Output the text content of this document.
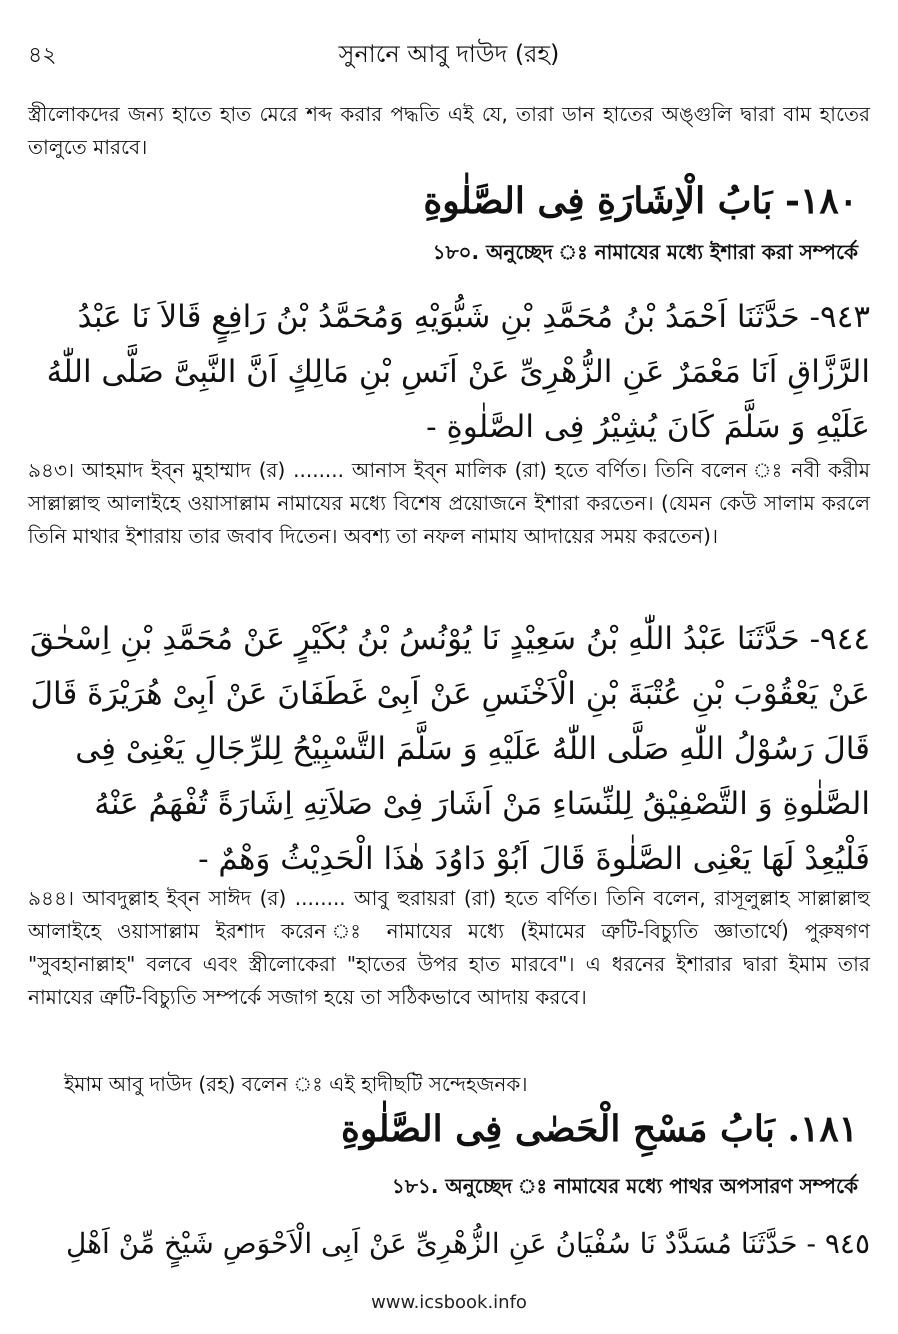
৪২	সুনানে আবু দাউদ (রহ)
স্ত্রীলোকদের জন্য হাতে হাত মেরে শব্দ করার পদ্ধতি এই যে, তারা ডান হাতের অঙ্গুলি দ্বারা বাম হাতের তালুতে মারবে।
١٨٠- بَابُ الْاِشَارَةِ فِى الصَّلٰوةِ
১৮০. অনুচ্ছেদ ঃ নামাযের মধ্যে ইশারা করা সম্পর্কে
٩٤٣- حَدَّثَنَا اَحْمَدُ بْنُ مُحَمَّدِ بْنِ شَبُّوَيْهِ وَمُحَمَّدُ بْنُ رَافِعٍ قَالاَ نَا عَبْدُ الرَّزَّاقِ اَنَا مَعْمَرٌ عَنِ الزُّهْرِىِّ عَنْ اَنَسِ بْنِ مَالِكٍ اَنَّ النَّبِىَّ صَلَّى اللّٰهُ عَلَيْهِ وَ سَلَّمَ كَانَ يُشِيْرُ فِى الصَّلٰوةِ -
৯৪৩। আহমাদ ইব্‌ন মুহাম্মাদ (র) ........ আনাস ইব্‌ন মালিক (রা) হতে বর্ণিত। তিনি বলেন ঃ নবী করীম সাল্লাল্লাহু আলাইহে ওয়াসাল্লাম নামাযের মধ্যে বিশেষ প্রয়োজনে ইশারা করতেন। (যেমন কেউ সালাম করলে তিনি মাথার ইশারায় তার জবাব দিতেন। অবশ্য তা নফল নামায আদায়ের সময় করতেন)।
٩٤٤- حَدَّثَنَا عَبْدُ اللّٰهِ بْنُ سَعِيْدٍ نَا يُوْنُسُ بْنُ بُكَيْرٍ عَنْ مُحَمَّدِ بْنِ اِسْحٰقَ عَنْ يَعْقُوْبَ بْنِ عُتْبَةَ بْنِ الْاَخْنَسِ عَنْ اَبِىْ غَطَفَانَ عَنْ اَبِىْ هُرَيْرَةَ قَالَ قَالَ رَسُوْلُ اللّٰهِ صَلَّى اللّٰهُ عَلَيْهِ وَ سَلَّمَ التَّسْبِيْحُ لِلرِّجَالِ يَعْنِىْ فِى الصَّلٰوةِ وَ التَّصْفِيْقُ لِلنِّسَاءِ مَنْ اَشَارَ فِىْ صَلاَتِهِ اِشَارَةً تُفْهَمُ عَنْهُ فَلْيُعِدْ لَهَا يَعْنِى الصَّلٰوةَ قَالَ اَبُوْ دَاوُدَ هٰذَا الْحَدِيْثُ وَهْمٌ -
৯৪৪। আবদুল্লাহ ইব্‌ন সাঈদ (র) ........ আবু হুরায়রা (রা) হতে বর্ণিত। তিনি বলেন, রাসূলুল্লাহ সাল্লাল্লাহু আলাইহে ওয়াসাল্লাম ইরশাদ করেন ঃ নামাযের মধ্যে (ইমামের ত্রুটি-বিচ্যুতি জ্ঞাতার্থে) পুরুষগণ "সুবহানাল্লাহ" বলবে এবং স্ত্রীলোকেরা "হাতের উপর হাত মারবে"। এ ধরনের ইশারার দ্বারা ইমাম তার নামাযের ত্রুটি-বিচ্যুতি সম্পর্কে সজাগ হয়ে তা সঠিকভাবে আদায় করবে।
ইমাম আবু দাউদ (রহ) বলেন ঃ এই হাদীছটি সন্দেহজনক।
١٨١. بَابُ مَسْحِ الْحَصٰى فِى الصَّلٰوةِ
১৮১. অনুচ্ছেদ ঃ নামাযের মধ্যে পাথর অপসারণ সম্পর্কে
٩٤٥ - حَدَّثَنَا مُسَدَّدٌ نَا سُفْيَانُ عَنِ الزُّهْرِىِّ عَنْ اَبِى الْاَحْوَصِ شَيْخٍ مِّنْ اَهْلِ
www.icsbook.info
